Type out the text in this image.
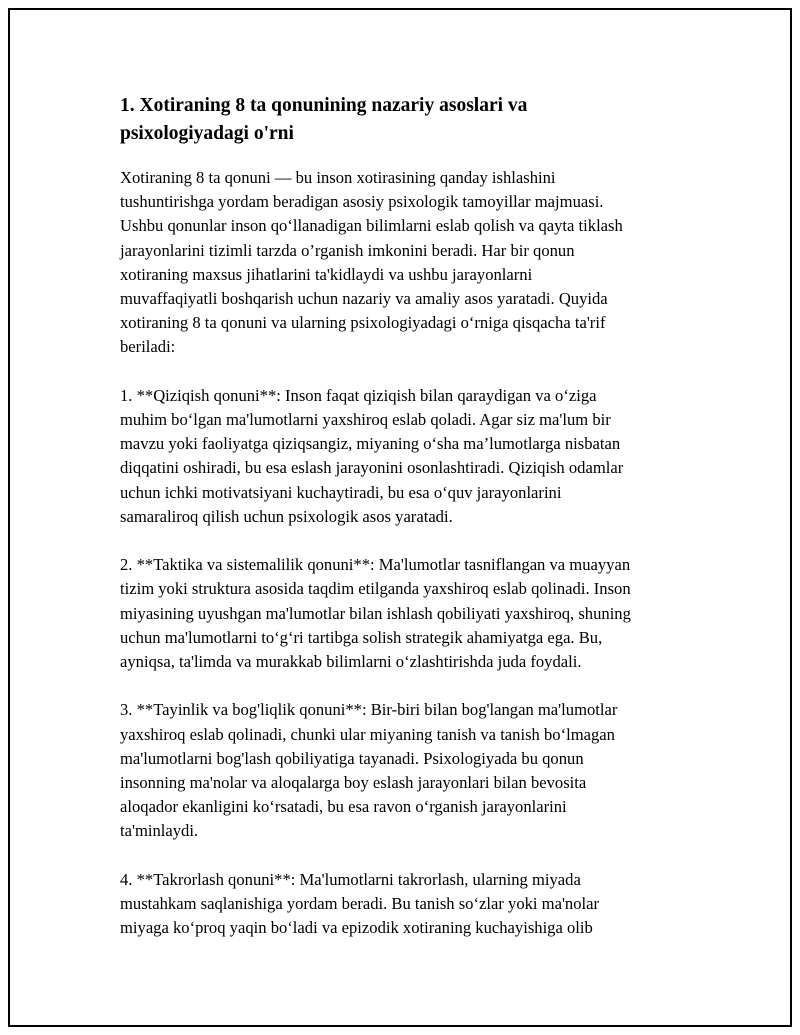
1. Xotiraning 8 ta qonunining nazariy asoslari va
psixologiyadagi o'rni

Xotiraning 8 ta qonuni — bu inson xotirasining qanday ishlashini
tushuntirishga yordam beradigan asosiy psixologik tamoyillar majmuasi.
Ushbu qonunlar inson qo‘llanadigan bilimlarni eslab qolish va qayta tiklash
jarayonlarini tizimli tarzda o’rganish imkonini beradi. Har bir qonun
xotiraning maxsus jihatlarini ta'kidlaydi va ushbu jarayonlarni
muvaffaqiyatli boshqarish uchun nazariy va amaliy asos yaratadi. Quyida
xotiraning 8 ta qonuni va ularning psixologiyadagi o‘rniga qisqacha ta'rif
beriladi:

1. **Qiziqish qonuni**: Inson faqat qiziqish bilan qaraydigan va o‘ziga
muhim bo‘lgan ma'lumotlarni yaxshiroq eslab qoladi. Agar siz ma'lum bir
mavzu yoki faoliyatga qiziqsangiz, miyaning o‘sha ma’lumotlarga nisbatan
diqqatini oshiradi, bu esa eslash jarayonini osonlashtiradi. Qiziqish odamlar
uchun ichki motivatsiyani kuchaytiradi, bu esa o‘quv jarayonlarini
samaraliroq qilish uchun psixologik asos yaratadi.

2. **Taktika va sistemalilik qonuni**: Ma'lumotlar tasniflangan va muayyan
tizim yoki struktura asosida taqdim etilganda yaxshiroq eslab qolinadi. Inson
miyasining uyushgan ma'lumotlar bilan ishlash qobiliyati yaxshiroq, shuning
uchun ma'lumotlarni to‘g‘ri tartibga solish strategik ahamiyatga ega. Bu,
ayniqsa, ta'limda va murakkab bilimlarni o‘zlashtirishda juda foydali.

3. **Tayinlik va bog'liqlik qonuni**: Bir-biri bilan bog'langan ma'lumotlar
yaxshiroq eslab qolinadi, chunki ular miyaning tanish va tanish bo‘lmagan
ma'lumotlarni bog'lash qobiliyatiga tayanadi. Psixologiyada bu qonun
insonning ma'nolar va aloqalarga boy eslash jarayonlari bilan bevosita
aloqador ekanligini ko‘rsatadi, bu esa ravon o‘rganish jarayonlarini
ta'minlaydi.

4. **Takrorlash qonuni**: Ma'lumotlarni takrorlash, ularning miyada
mustahkam saqlanishiga yordam beradi. Bu tanish so‘zlar yoki ma'nolar
miyaga ko‘proq yaqin bo‘ladi va epizodik xotiraning kuchayishiga olib
